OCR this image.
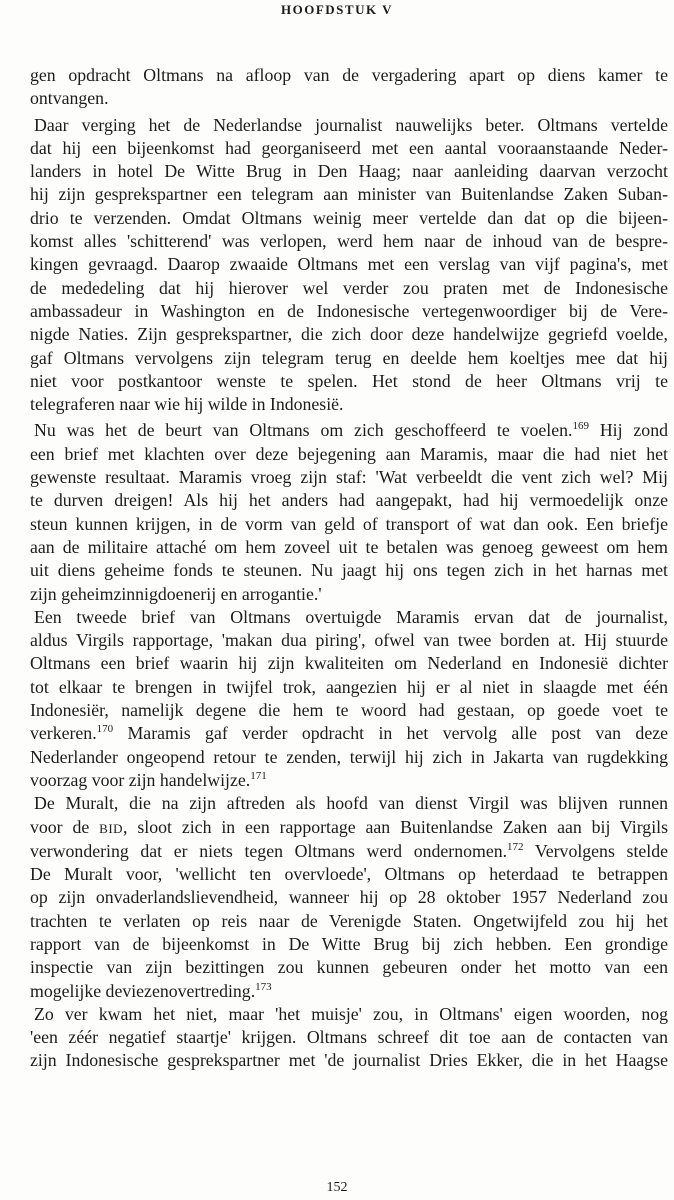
HOOFDSTUK V
gen opdracht Oltmans na afloop van de vergadering apart op diens kamer te
ontvangen.
Daar verging het de Nederlandse journalist nauwelijks beter. Oltmans vertelde
dat hij een bijeenkomst had georganiseerd met een aantal vooraanstaande Neder-
landers in hotel De Witte Brug in Den Haag; naar aanleiding daarvan verzocht
hij zijn gesprekspartner een telegram aan minister van Buitenlandse Zaken Suban-
drio te verzenden. Omdat Oltmans weinig meer vertelde dan dat op die bijeen-
komst alles 'schitterend' was verlopen, werd hem naar de inhoud van de bespre-
kingen gevraagd. Daarop zwaaide Oltmans met een verslag van vijf pagina's, met
de mededeling dat hij hierover wel verder zou praten met de Indonesische
ambassadeur in Washington en de Indonesische vertegenwoordiger bij de Vere-
nigde Naties. Zijn gesprekspartner, die zich door deze handelwijze gegriefd voelde,
gaf Oltmans vervolgens zijn telegram terug en deelde hem koeltjes mee dat hij
niet voor postkantoor wenste te spelen. Het stond de heer Oltmans vrij te
telegraferen naar wie hij wilde in Indonesië.
Nu was het de beurt van Oltmans om zich geschoffeerd te voelen.$^{169}$ Hij zond
een brief met klachten over deze bejegening aan Maramis, maar die had niet het
gewenste resultaat. Maramis vroeg zijn staf: 'Wat verbeeldt die vent zich wel? Mij
te durven dreigen! Als hij het anders had aangepakt, had hij vermoedelijk onze
steun kunnen krijgen, in de vorm van geld of transport of wat dan ook. Een briefje
aan de militaire attaché om hem zoveel uit te betalen was genoeg geweest om hem
uit diens geheime fonds te steunen. Nu jaagt hij ons tegen zich in het harnas met
zijn geheimzinnigdoenerij en arrogantie.'
Een tweede brief van Oltmans overtuigde Maramis ervan dat de journalist,
aldus Virgils rapportage, 'makan dua piring', ofwel van twee borden at. Hij stuurde
Oltmans een brief waarin hij zijn kwaliteiten om Nederland en Indonesië dichter
tot elkaar te brengen in twijfel trok, aangezien hij er al niet in slaagde met één
Indonesiër, namelijk degene die hem te woord had gestaan, op goede voet te
verkeren.$^{170}$ Maramis gaf verder opdracht in het vervolg alle post van deze
Nederlander ongeopend retour te zenden, terwijl hij zich in Jakarta van rugdekking
voorzag voor zijn handelwijze.$^{171}$
De Muralt, die na zijn aftreden als hoofd van dienst Virgil was blijven runnen
voor de BID, sloot zich in een rapportage aan Buitenlandse Zaken aan bij Virgils
verwondering dat er niets tegen Oltmans werd ondernomen.$^{172}$ Vervolgens stelde
De Muralt voor, 'wellicht ten overvloede', Oltmans op heterdaad te betrappen
op zijn onvaderlandslievendheid, wanneer hij op 28 oktober 1957 Nederland zou
trachten te verlaten op reis naar de Verenigde Staten. Ongetwijfeld zou hij het
rapport van de bijeenkomst in De Witte Brug bij zich hebben. Een grondige
inspectie van zijn bezittingen zou kunnen gebeuren onder het motto van een
mogelijke deviezenovertreding.$^{173}$
Zo ver kwam het niet, maar 'het muisje' zou, in Oltmans' eigen woorden, nog
'een zéér negatief staartje' krijgen. Oltmans schreef dit toe aan de contacten van
zijn Indonesische gesprekspartner met 'de journalist Dries Ekker, die in het Haagse
152
